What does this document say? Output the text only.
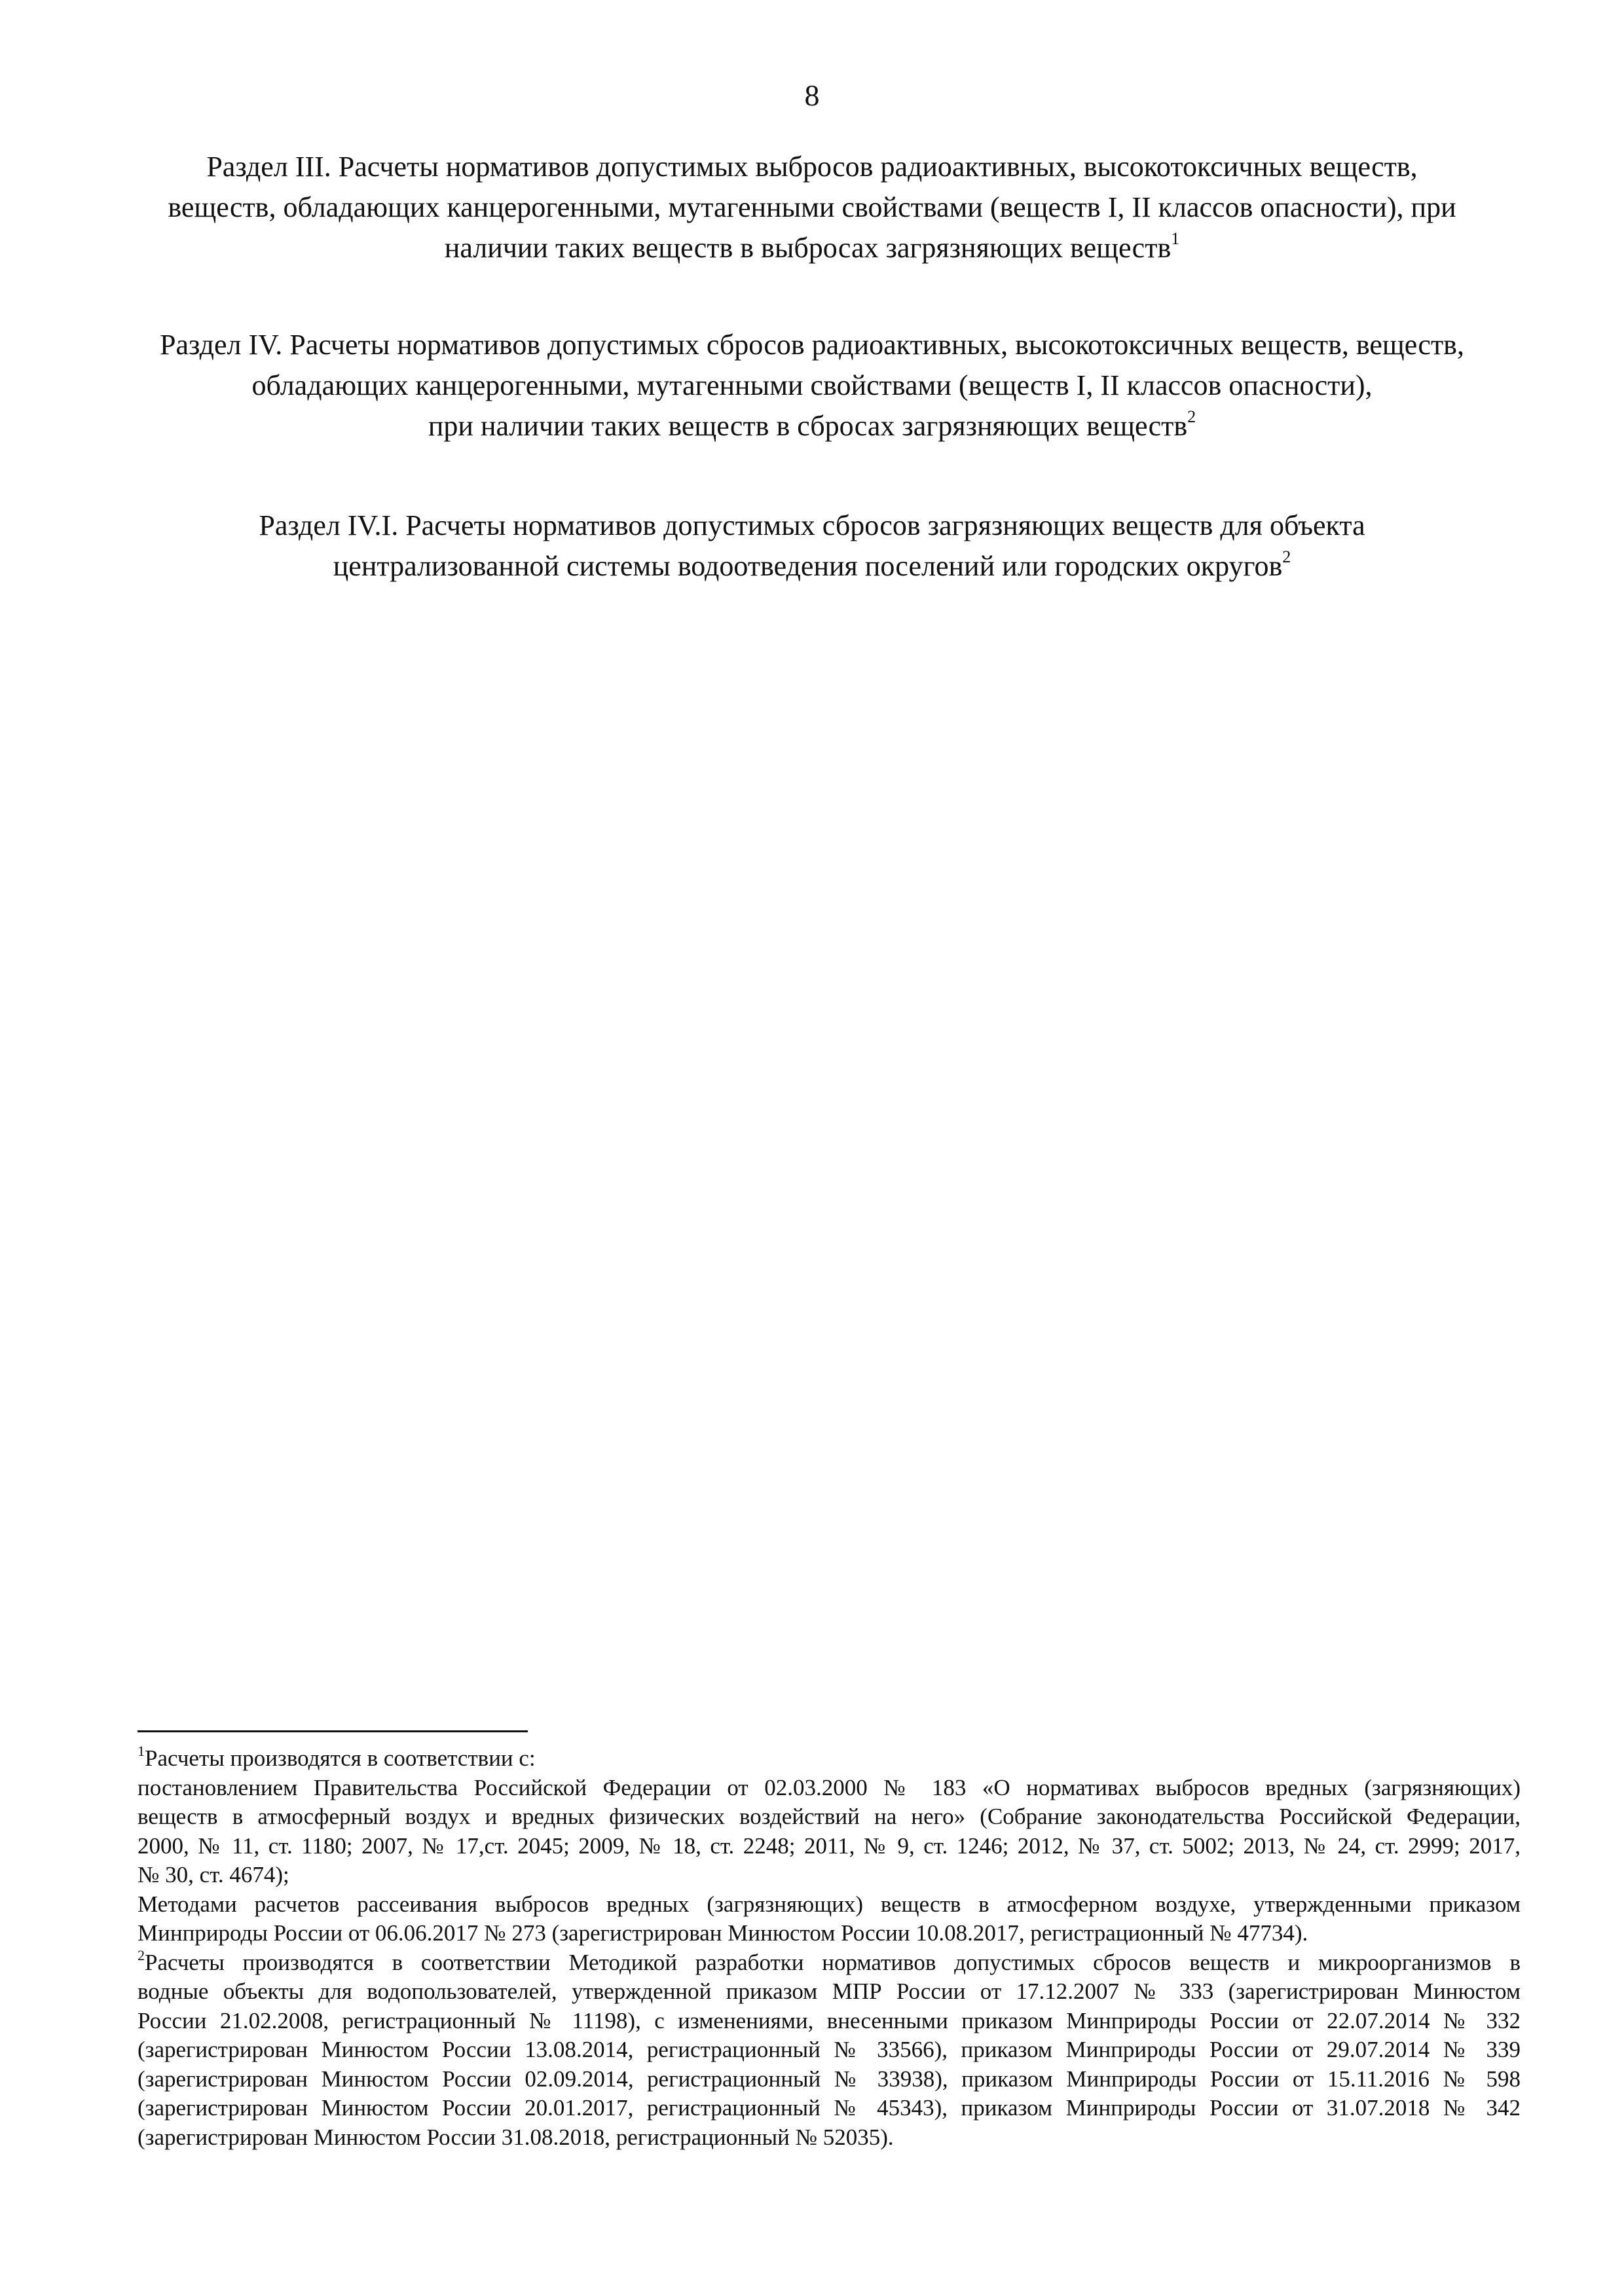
8
Раздел III. Расчеты нормативов допустимых выбросов радиоактивных, высокотоксичных веществ,
веществ, обладающих канцерогенными, мутагенными свойствами (веществ I, II классов опасности), при
наличии таких веществ в выбросах загрязняющих веществ$^1$
Раздел IV. Расчеты нормативов допустимых сбросов радиоактивных, высокотоксичных веществ, веществ,
обладающих канцерогенными, мутагенными свойствами (веществ I, II классов опасности),
при наличии таких веществ в сбросах загрязняющих веществ$^2$
Раздел IV.I. Расчеты нормативов допустимых сбросов загрязняющих веществ для объекта
централизованной системы водоотведения поселений или городских округов$^2$
$^1$Расчеты производятся в соответствии с:
постановлением Правительства Российской Федерации от 02.03.2000 № 183 «О нормативах выбросов вредных (загрязняющих)
веществ в атмосферный воздух и вредных физических воздействий на него» (Собрание законодательства Российской Федерации,
2000, № 11, ст. 1180; 2007, № 17,ст. 2045; 2009, № 18, ст. 2248; 2011, № 9, ст. 1246; 2012, № 37, ст. 5002; 2013, № 24, ст. 2999; 2017,
№ 30, ст. 4674);
Методами расчетов рассеивания выбросов вредных (загрязняющих) веществ в атмосферном воздухе, утвержденными приказом
Минприроды России от 06.06.2017 № 273 (зарегистрирован Минюстом России 10.08.2017, регистрационный № 47734).
$^2$Расчеты производятся в соответствии Методикой разработки нормативов допустимых сбросов веществ и микроорганизмов в
водные объекты для водопользователей, утвержденной приказом МПР России от 17.12.2007 № 333 (зарегистрирован Минюстом
России 21.02.2008, регистрационный № 11198), с изменениями, внесенными приказом Минприроды России от 22.07.2014 № 332
(зарегистрирован Минюстом России 13.08.2014, регистрационный № 33566), приказом Минприроды России от 29.07.2014 № 339
(зарегистрирован Минюстом России 02.09.2014, регистрационный № 33938), приказом Минприроды России от 15.11.2016 № 598
(зарегистрирован Минюстом России 20.01.2017, регистрационный № 45343), приказом Минприроды России от 31.07.2018 № 342
(зарегистрирован Минюстом России 31.08.2018, регистрационный № 52035).
